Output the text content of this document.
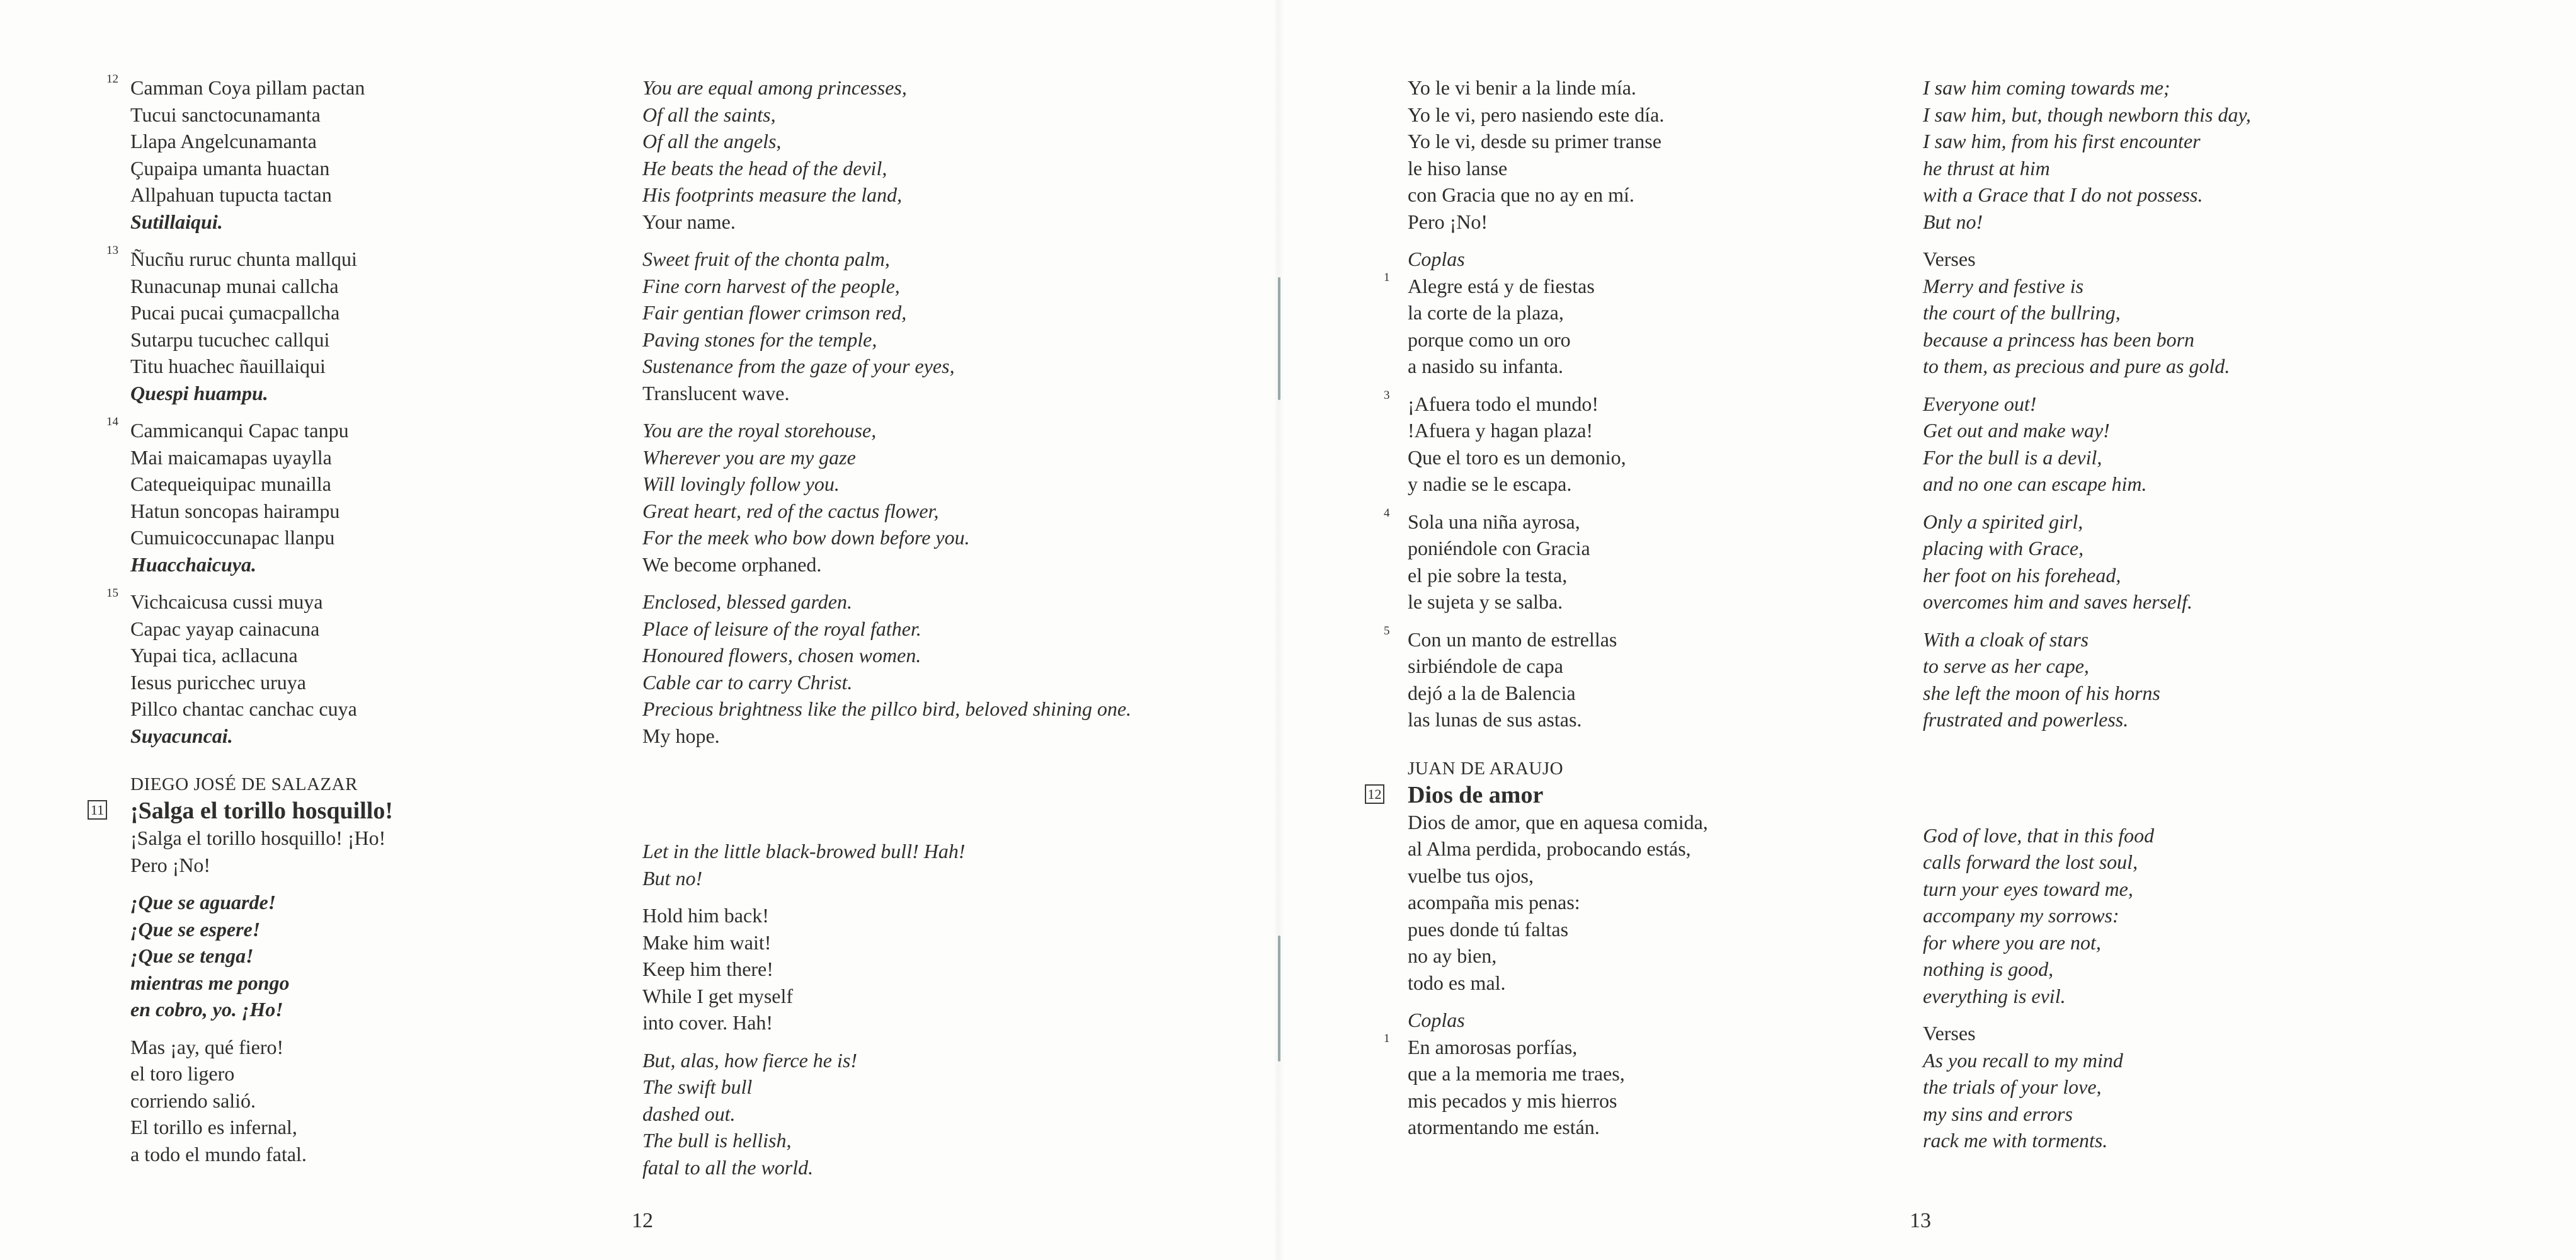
12 Camman Coya pillam pactan
Tucui sanctocunamanta
Llapa Angelcunamanta
Çupaipa umanta huactan
Allpahuan tupucta tactan
Sutillaiqui.
13 Ñucñu ruruc chunta mallqui
Runacunap munai callcha
Pucai pucai çumacpallcha
Sutarpu tucuchec callqui
Titu huachec ñauillaiqui
Quespi huampu.
14 Cammicanqui Capac tanpu
Mai maicamapas uyaylla
Catequeiquipac munailla
Hatun soncopas hairampu
Cumuicoccunapac llanpu
Huacchaicuya.
15 Vichcaicusa cussi muya
Capac yayap cainacuna
Yupai tica, acllacuna
Iesus puricchec uruya
Pillco chantac canchac cuya
Suyacuncai.
DIEGO JOSÉ DE SALAZAR
11 ¡Salga el torillo hosquillo!
¡Salga el torillo hosquillo! ¡Ho!
Pero ¡No!
¡Que se aguarde!
¡Que se espere!
¡Que se tenga!
mientras me pongo
en cobro, yo. ¡Ho!
Mas ¡ay, qué fiero!
el toro ligero
corriendo salió.
El torillo es infernal,
a todo el mundo fatal.
You are equal among princesses,
Of all the saints,
Of all the angels,
He beats the head of the devil,
His footprints measure the land,
Your name.
Sweet fruit of the chonta palm,
Fine corn harvest of the people,
Fair gentian flower crimson red,
Paving stones for the temple,
Sustenance from the gaze of your eyes,
Translucent wave.
You are the royal storehouse,
Wherever you are my gaze
Will lovingly follow you.
Great heart, red of the cactus flower,
For the meek who bow down before you.
We become orphaned.
Enclosed, blessed garden.
Place of leisure of the royal father.
Honoured flowers, chosen women.
Cable car to carry Christ.
Precious brightness like the pillco bird, beloved shining one.
My hope.
Let in the little black-browed bull! Hah!
But no!
Hold him back!
Make him wait!
Keep him there!
While I get myself
into cover. Hah!
But, alas, how fierce he is!
The swift bull
dashed out.
The bull is hellish,
fatal to all the world.
12
Yo le vi benir a la linde mía.
Yo le vi, pero nasiendo este día.
Yo le vi, desde su primer transe
le hiso lanse
con Gracia que no ay en mí.
Pero ¡No!
Coplas
1 Alegre está y de fiestas
la corte de la plaza,
porque como un oro
a nasido su infanta.
3 ¡Afuera todo el mundo!
!Afuera y hagan plaza!
Que el toro es un demonio,
y nadie se le escapa.
4 Sola una niña ayrosa,
poniéndole con Gracia
el pie sobre la testa,
le sujeta y se salba.
5 Con un manto de estrellas
sirbiéndole de capa
dejó a la de Balencia
las lunas de sus astas.
JUAN DE ARAUJO
12 Dios de amor
Dios de amor, que en aquesa comida,
al Alma perdida, probocando estás,
vuelbe tus ojos,
acompaña mis penas:
pues donde tú faltas
no ay bien,
todo es mal.
Coplas
1 En amorosas porfías,
que a la memoria me traes,
mis pecados y mis hierros
atormentando me están.
I saw him coming towards me;
I saw him, but, though newborn this day,
I saw him, from his first encounter
he thrust at him
with a Grace that I do not possess.
But no!
Verses
Merry and festive is
the court of the bullring,
because a princess has been born
to them, as precious and pure as gold.
Everyone out!
Get out and make way!
For the bull is a devil,
and no one can escape him.
Only a spirited girl,
placing with Grace,
her foot on his forehead,
overcomes him and saves herself.
With a cloak of stars
to serve as her cape,
she left the moon of his horns
frustrated and powerless.
God of love, that in this food
calls forward the lost soul,
turn your eyes toward me,
accompany my sorrows:
for where you are not,
nothing is good,
everything is evil.
Verses
As you recall to my mind
the trials of your love,
my sins and errors
rack me with torments.
13
